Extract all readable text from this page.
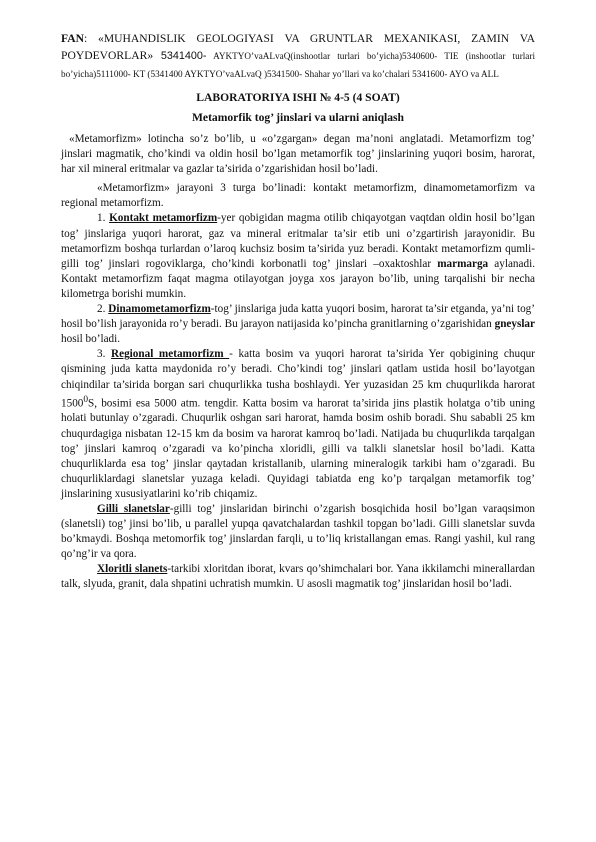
FAN: «MUHANDISLIK GEOLOGIYASI VA GRUNTLAR MEXANIKASI, ZAMIN VA POYDEVORLAR» 5341400- AYKTYO’vaALvaQ(inshootlar turlari bo’yicha)5340600- TIE (inshootlar turlari bo’yicha)5111000- KT (5341400 AYKTYO’vaALvaQ )5341500- Shahar yo’llari va ko’chalari 5341600- AYO va ALL

LABORATORIYA ISHI № 4-5 (4 SOAT)
Metamorfik tog’ jinslari va ularni aniqlash

«Metamorfizm» lotincha so’z bo’lib, u «o’zgargan» degan ma’noni anglatadi. Metamorfizm tog’ jinslari magmatik, cho’kindi va oldin hosil bo’lgan metamorfik tog’ jinslarining yuqori bosim, harorat, har xil mineral eritmalar va gazlar ta’sirida o’zgarishidan hosil bo’ladi.

«Metamorfizm» jarayoni 3 turga bo’linadi: kontakt metamorfizm, dinamometamorfizm va regional metamorfizm.

1. Kontakt metamorfizm-yer qobigidan magma otilib chiqayotgan vaqtdan oldin hosil bo’lgan tog’ jinslariga yuqori harorat, gaz va mineral eritmalar ta’sir etib uni o’zgartirish jarayonidir. Bu metamorfizm boshqa turlardan o’laroq kuchsiz bosim ta’sirida yuz beradi. Kontakt metamorfizm qumli-gilli tog’ jinslari rogoviklarga, cho’kindi korbonatli tog’ jinslari –oxaktoshlar marmarga aylanadi. Kontakt metamorfizm faqat magma otilayotgan joyga xos jarayon bo’lib, uning tarqalishi bir necha kilometrga borishi mumkin.

2. Dinamometamorfizm-tog’ jinslariga juda katta yuqori bosim, harorat ta’sir etganda, ya’ni tog’ hosil bo’lish jarayonida ro’y beradi. Bu jarayon natijasida ko’pincha granitlarning o’zgarishidan gneyslar hosil bo’ladi.

3. Regional metamorfizm - katta bosim va yuqori harorat ta’sirida Yer qobigining chuqur qismining juda katta maydonida ro’y beradi. Cho’kindi tog’ jinslari qatlam ustida hosil bo’layotgan chiqindilar ta’sirida borgan sari chuqurlikka tusha boshlaydi. Yer yuzasidan 25 km chuqurlikda harorat 1500$^0$S, bosimi esa 5000 atm. tengdir. Katta bosim va harorat ta’sirida jins plastik holatga o’tib uning holati butunlay o’zgaradi. Chuqurlik oshgan sari harorat, hamda bosim oshib boradi. Shu sababli 25 km chuqurdagiga nisbatan 12-15 km da bosim va harorat kamroq bo’ladi. Natijada bu chuqurlikda tarqalgan tog’ jinslari kamroq o’zgaradi va ko’pincha xloridli, gilli va talkli slanetslar hosil bo’ladi. Katta chuqurliklarda esa tog’ jinslar qaytadan kristallanib, ularning mineralogik tarkibi ham o’zgaradi. Bu chuqurliklardagi slanetslar yuzaga keladi. Quyidagi tabiatda eng ko’p tarqalgan metamorfik tog’ jinslarining xususiyatlarini ko’rib chiqamiz.

Gilli slanetslar-gilli tog’ jinslaridan birinchi o’zgarish bosqichida hosil bo’lgan varaqsimon (slanetsli) tog’ jinsi bo’lib, u parallel yupqa qavatchalardan tashkil topgan bo’ladi. Gilli slanetslar suvda bo’kmaydi. Boshqa metomorfik tog’ jinslardan farqli, u to’liq kristallangan emas. Rangi yashil, kul rang qo’ng’ir va qora.

Xloritli slanets-tarkibi xloritdan iborat, kvars qo’shimchalari bor. Yana ikkilamchi minerallardan talk, slyuda, granit, dala shpatini uchratish mumkin. U asosli magmatik tog’ jinslaridan hosil bo’ladi.
